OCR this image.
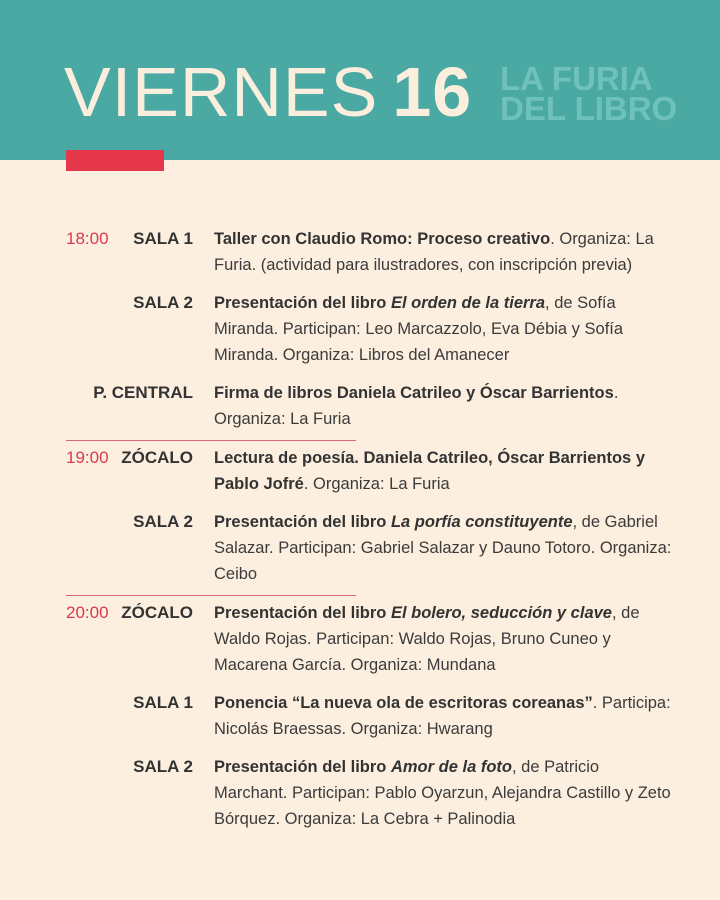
VIERNES 16 LA FURIA
DEL LIBRO
18:00 SALA 1 Taller con Claudio Romo: Proceso creativo. Organiza: La Furia. (actividad para ilustradores, con inscripción previa)
SALA 2 Presentación del libro El orden de la tierra, de Sofía Miranda. Participan: Leo Marcazzolo, Eva Débia y Sofía Miranda. Organiza: Libros del Amanecer
P. CENTRAL Firma de libros Daniela Catrileo y Óscar Barrientos. Organiza: La Furia
19:00 ZÓCALO Lectura de poesía. Daniela Catrileo, Óscar Barrientos y Pablo Jofré. Organiza: La Furia
SALA 2 Presentación del libro La porfía constituyente, de Gabriel Salazar. Participan: Gabriel Salazar y Dauno Totoro. Organiza: Ceibo
20:00 ZÓCALO Presentación del libro El bolero, seducción y clave, de Waldo Rojas. Participan: Waldo Rojas, Bruno Cuneo y Macarena García. Organiza: Mundana
SALA 1 Ponencia “La nueva ola de escritoras coreanas”. Participa: Nicolás Braessas. Organiza: Hwarang
SALA 2 Presentación del libro Amor de la foto, de Patricio Marchant. Participan: Pablo Oyarzun, Alejandra Castillo y Zeto Bórquez. Organiza: La Cebra + Palinodia
